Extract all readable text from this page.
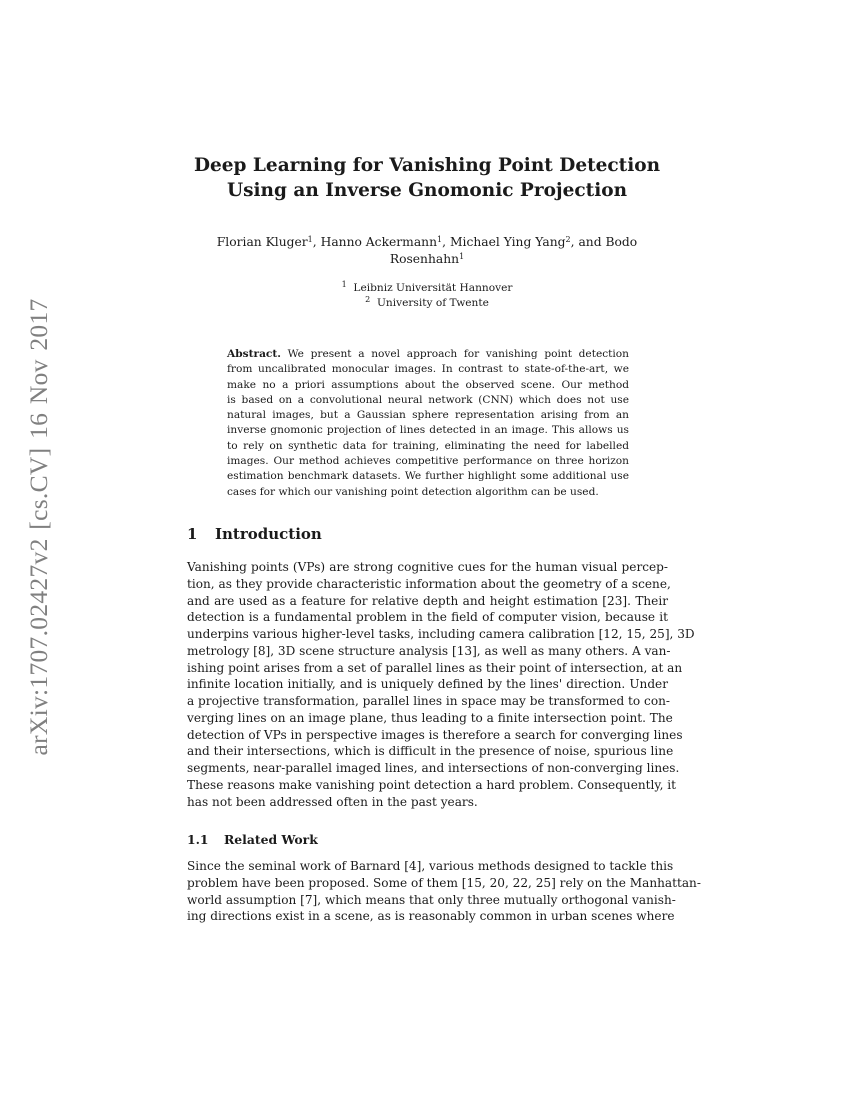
arXiv:1707.02427v2 [cs.CV] 16 Nov 2017
Deep Learning for Vanishing Point Detection
Using an Inverse Gnomonic Projection
Florian Kluger$^1$, Hanno Ackermann$^1$, Michael Ying Yang$^2$, and Bodo
Rosenhahn$^1$
$^1$ Leibniz Universität Hannover
$^2$ University of Twente
Abstract. We present a novel approach for vanishing point detection
from uncalibrated monocular images. In contrast to state-of-the-art, we
make no a priori assumptions about the observed scene. Our method
is based on a convolutional neural network (CNN) which does not use
natural images, but a Gaussian sphere representation arising from an
inverse gnomonic projection of lines detected in an image. This allows us
to rely on synthetic data for training, eliminating the need for labelled
images. Our method achieves competitive performance on three horizon
estimation benchmark datasets. We further highlight some additional use
cases for which our vanishing point detection algorithm can be used.
1 Introduction
Vanishing points (VPs) are strong cognitive cues for the human visual percep-
tion, as they provide characteristic information about the geometry of a scene,
and are used as a feature for relative depth and height estimation [23]. Their
detection is a fundamental problem in the field of computer vision, because it
underpins various higher-level tasks, including camera calibration [12, 15, 25], 3D
metrology [8], 3D scene structure analysis [13], as well as many others. A van-
ishing point arises from a set of parallel lines as their point of intersection, at an
infinite location initially, and is uniquely defined by the lines' direction. Under
a projective transformation, parallel lines in space may be transformed to con-
verging lines on an image plane, thus leading to a finite intersection point. The
detection of VPs in perspective images is therefore a search for converging lines
and their intersections, which is difficult in the presence of noise, spurious line
segments, near-parallel imaged lines, and intersections of non-converging lines.
These reasons make vanishing point detection a hard problem. Consequently, it
has not been addressed often in the past years.
1.1 Related Work
Since the seminal work of Barnard [4], various methods designed to tackle this
problem have been proposed. Some of them [15, 20, 22, 25] rely on the Manhattan-
world assumption [7], which means that only three mutually orthogonal vanish-
ing directions exist in a scene, as is reasonably common in urban scenes where
